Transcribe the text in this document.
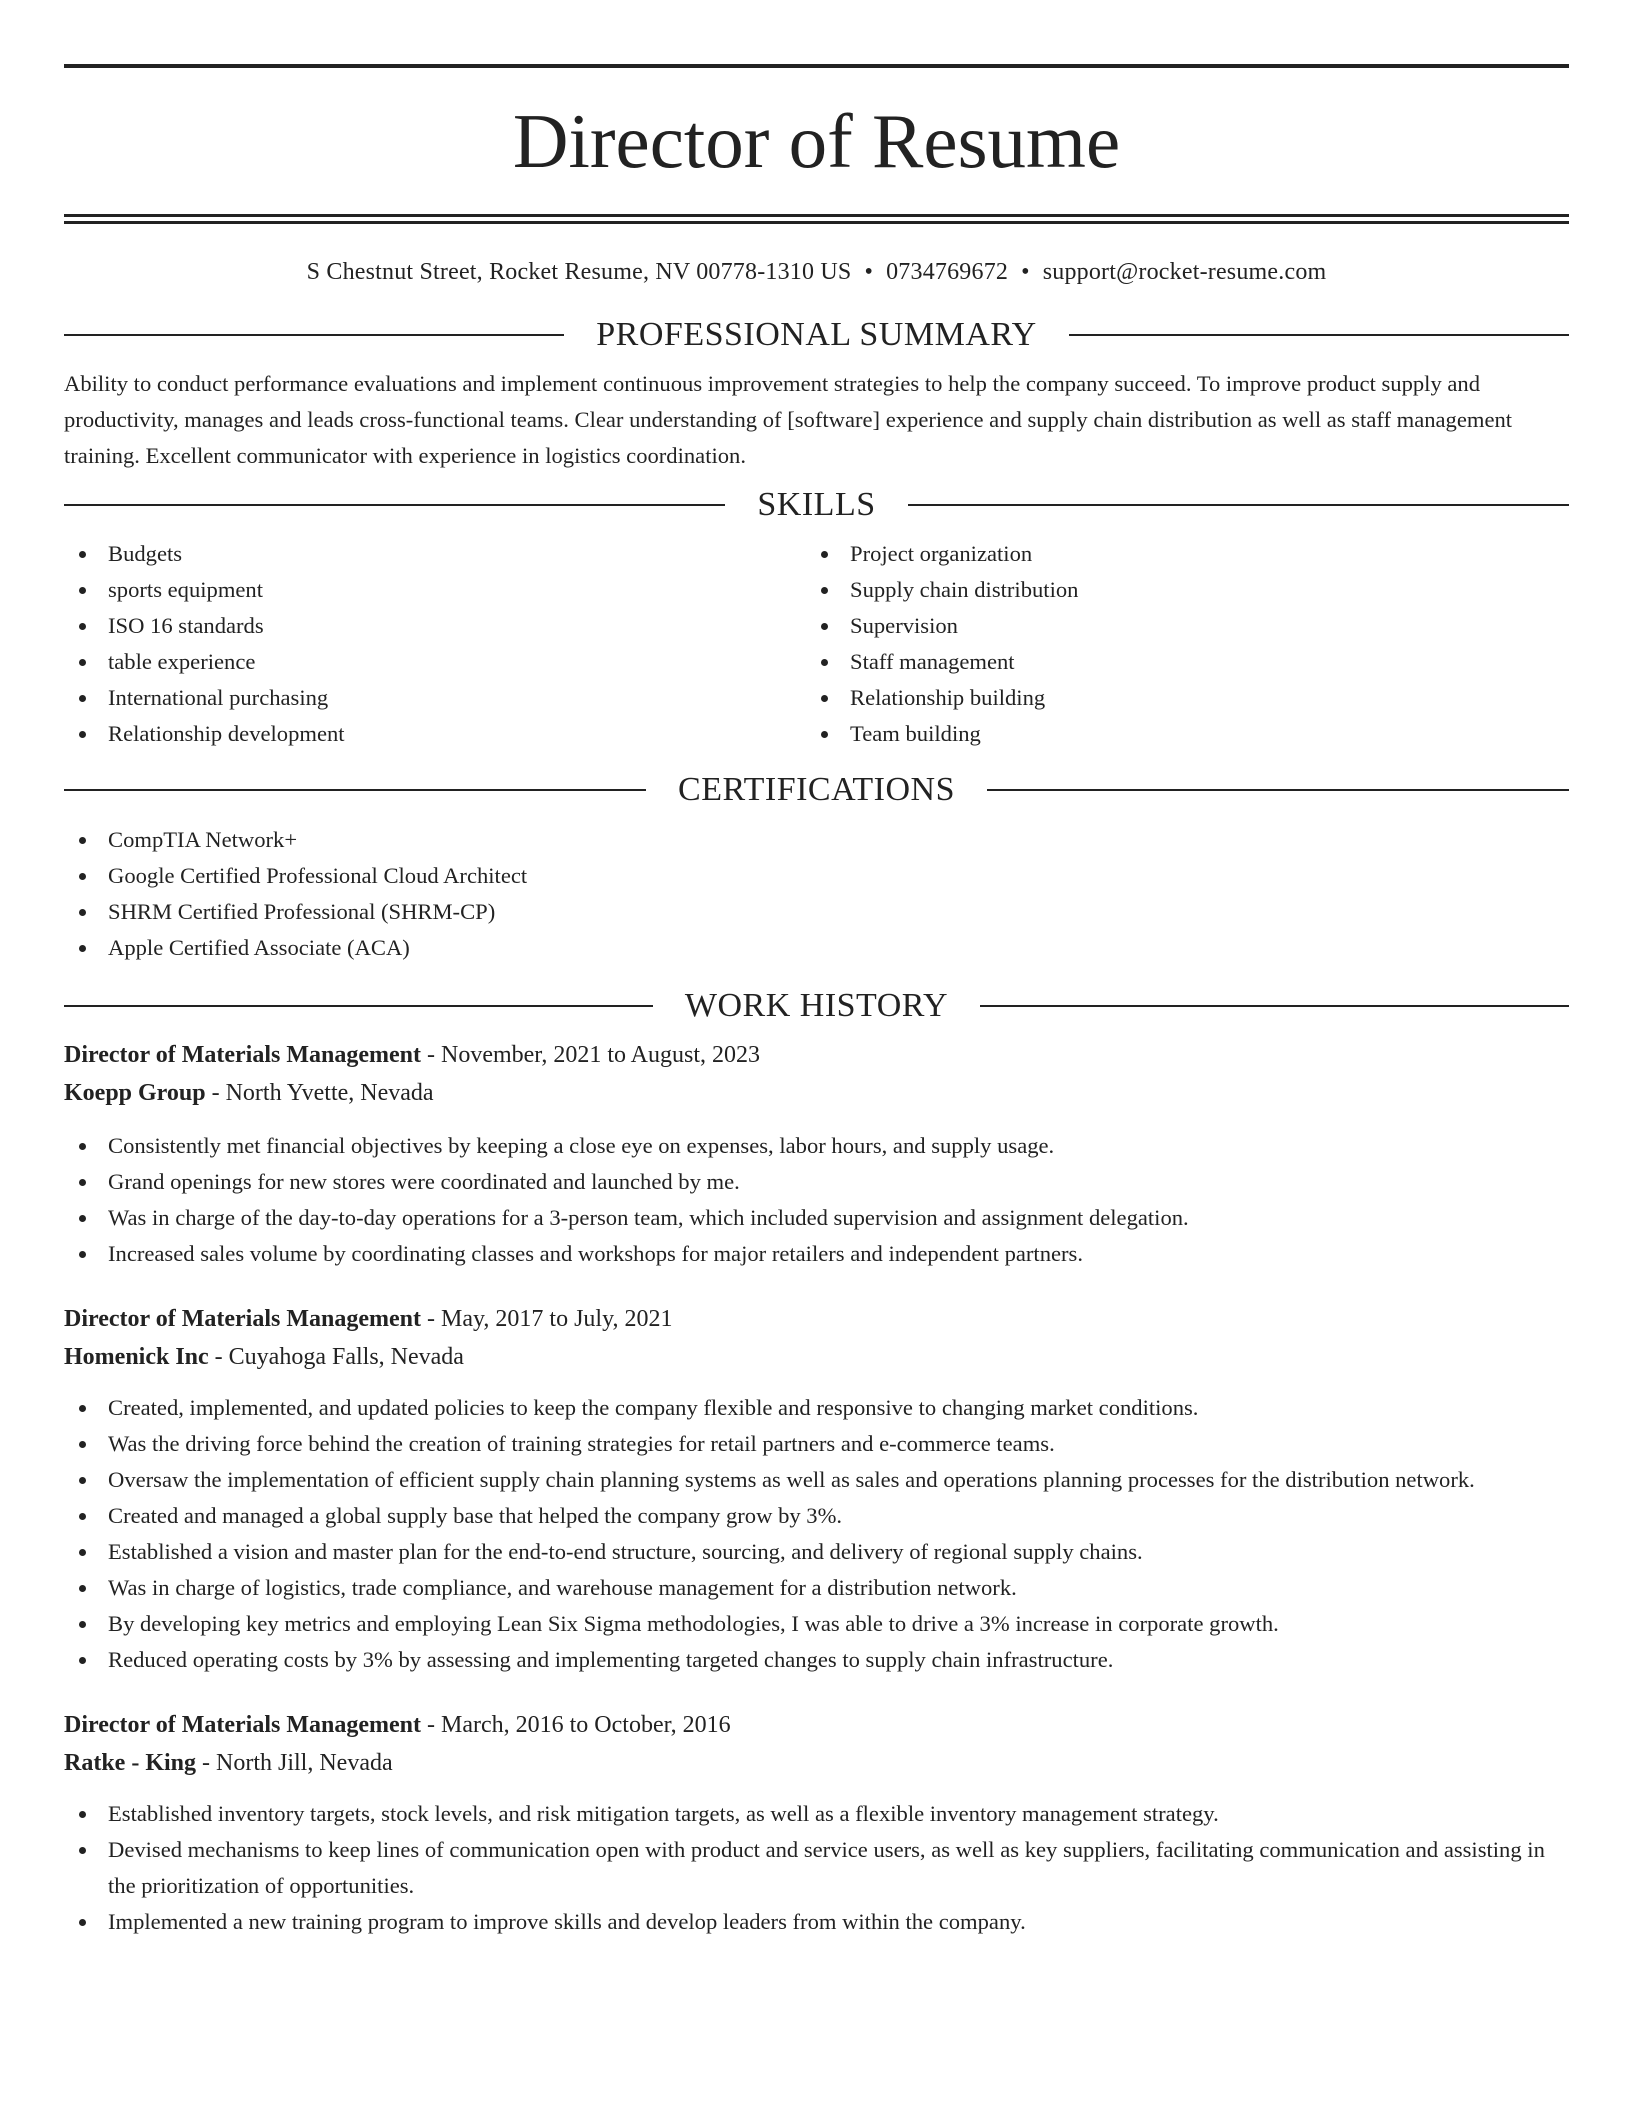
Director of Resume
S Chestnut Street, Rocket Resume, NV 00778-1310 US • 0734769672 • support@rocket-resume.com
PROFESSIONAL SUMMARY

Ability to conduct performance evaluations and implement continuous improvement strategies to help the company succeed. To improve product supply and productivity, manages and leads cross-functional teams. Clear understanding of [software] experience and supply chain distribution as well as staff management training. Excellent communicator with experience in logistics coordination.

SKILLS
Budgets
sports equipment
ISO 16 standards
table experience
International purchasing
Relationship development
Project organization
Supply chain distribution
Supervision
Staff management
Relationship building
Team building
CERTIFICATIONS
CompTIA Network+
Google Certified Professional Cloud Architect
SHRM Certified Professional (SHRM-CP)
Apple Certified Associate (ACA)
WORK HISTORY
Director of Materials Management - November, 2021 to August, 2023
Koepp Group - North Yvette, Nevada
Consistently met financial objectives by keeping a close eye on expenses, labor hours, and supply usage.
Grand openings for new stores were coordinated and launched by me.
Was in charge of the day-to-day operations for a 3-person team, which included supervision and assignment delegation.
Increased sales volume by coordinating classes and workshops for major retailers and independent partners.
Director of Materials Management - May, 2017 to July, 2021
Homenick Inc - Cuyahoga Falls, Nevada
Created, implemented, and updated policies to keep the company flexible and responsive to changing market conditions.
Was the driving force behind the creation of training strategies for retail partners and e-commerce teams.
Oversaw the implementation of efficient supply chain planning systems as well as sales and operations planning processes for the distribution network.
Created and managed a global supply base that helped the company grow by 3%.
Established a vision and master plan for the end-to-end structure, sourcing, and delivery of regional supply chains.
Was in charge of logistics, trade compliance, and warehouse management for a distribution network.
By developing key metrics and employing Lean Six Sigma methodologies, I was able to drive a 3% increase in corporate growth.
Reduced operating costs by 3% by assessing and implementing targeted changes to supply chain infrastructure.
Director of Materials Management - March, 2016 to October, 2016
Ratke - King - North Jill, Nevada
Established inventory targets, stock levels, and risk mitigation targets, as well as a flexible inventory management strategy.
Devised mechanisms to keep lines of communication open with product and service users, as well as key suppliers, facilitating communication and assisting in the prioritization of opportunities.
Implemented a new training program to improve skills and develop leaders from within the company.
